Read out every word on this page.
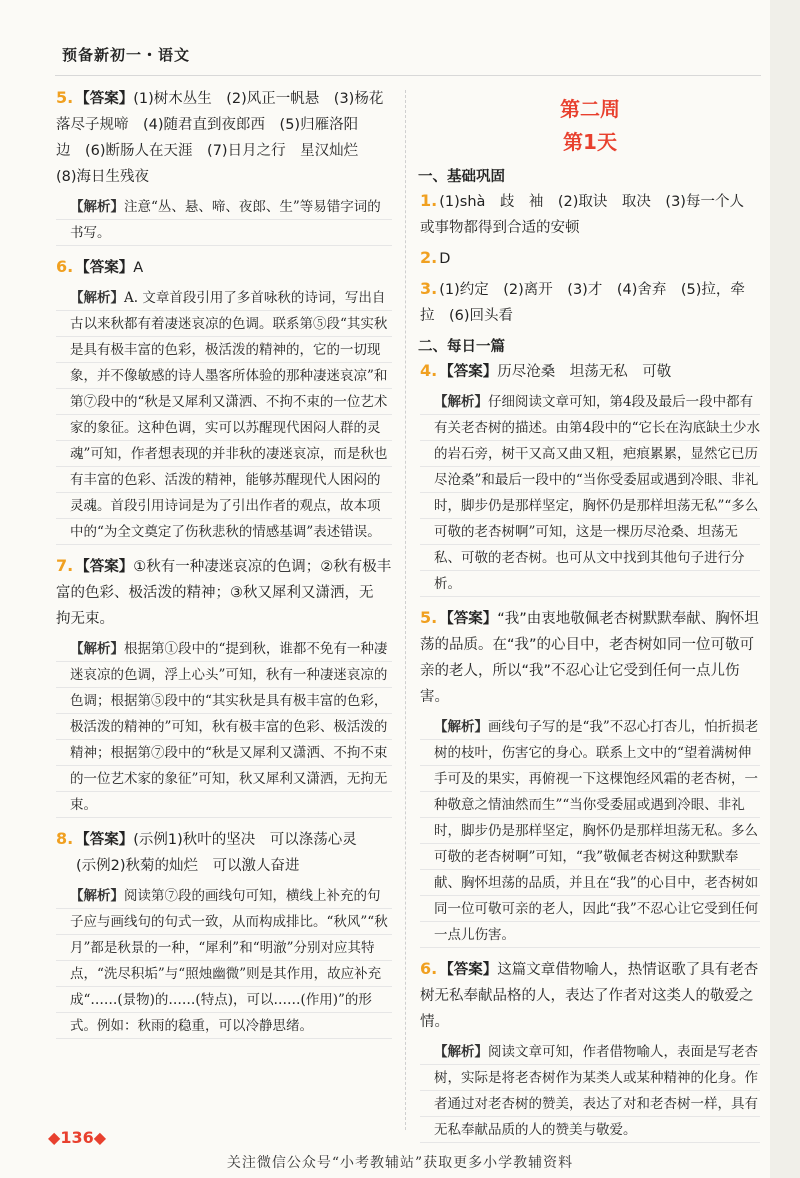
预备新初一・语文

5. 【答案】(1)树木丛生　(2)风正一帆悬　(3)杨花

落尽子规啼　(4)随君直到夜郎西　(5)归雁洛阳

边　(6)断肠人在天涯　(7)日月之行　星汉灿烂

(8)海日生残夜

【解析】注意“丛、悬、啼、夜郎、生”等易错字词的书写。

6. 【答案】A

【解析】A. 文章首段引用了多首咏秋的诗词，写出自古以来秋都有着凄迷哀凉的色调。联系第⑤段“其实秋是具有极丰富的色彩，极活泼的精神的，它的一切现象，并不像敏感的诗人墨客所体验的那种凄迷哀凉”和第⑦段中的“秋是又犀利又潇洒、不拘不束的一位艺术家的象征。这种色调，实可以苏醒现代困闷人群的灵魂”可知，作者想表现的并非秋的凄迷哀凉，而是秋也有丰富的色彩、活泼的精神，能够苏醒现代人困闷的灵魂。首段引用诗词是为了引出作者的观点，故本项中的“为全文奠定了伤秋悲秋的情感基调”表述错误。

7. 【答案】①秋有一种凄迷哀凉的色调；②秋有极丰

富的色彩、极活泼的精神；③秋又犀利又潇洒，无

拘无束。

【解析】根据第①段中的“提到秋，谁都不免有一种凄迷哀凉的色调，浮上心头”可知，秋有一种凄迷哀凉的色调；根据第⑤段中的“其实秋是具有极丰富的色彩，极活泼的精神的”可知，秋有极丰富的色彩、极活泼的精神；根据第⑦段中的“秋是又犀利又潇洒、不拘不束的一位艺术家的象征”可知，秋又犀利又潇洒，无拘无束。

8. 【答案】(示例1)秋叶的坚决　可以涤荡心灵

(示例2)秋菊的灿烂　可以激人奋进

【解析】阅读第⑦段的画线句可知，横线上补充的句子应与画线句的句式一致，从而构成排比。“秋风”“秋月”都是秋景的一种，“犀利”和“明澈”分别对应其特点，“洗尽积垢”与“照烛幽微”则是其作用，故应补充成“……(景物)的……(特点)，可以……(作用)”的形式。例如：秋雨的稳重，可以冷静思绪。
第二周
第1天
一、基础巩固

1. (1)shà　歧　袖　(2)取诀　取决　(3)每一个人

或事物都得到合适的安顿

2. D

3. (1)约定　(2)离开　(3)才　(4)舍弃　(5)拉，牵

拉　(6)回头看

二、每日一篇

4. 【答案】历尽沧桑　坦荡无私　可敬

【解析】仔细阅读文章可知，第4段及最后一段中都有有关老杏树的描述。由第4段中的“它长在沟底缺土少水的岩石旁，树干又高又曲又粗，疤痕累累，显然它已历尽沧桑”和最后一段中的“当你受委屈或遇到冷眼、非礼时，脚步仍是那样坚定，胸怀仍是那样坦荡无私”“多么可敬的老杏树啊”可知，这是一棵历尽沧桑、坦荡无私、可敬的老杏树。也可从文中找到其他句子进行分析。

5. 【答案】“我”由衷地敬佩老杏树默默奉献、胸怀坦荡的品质。在“我”的心目中，老杏树如同一位可敬可亲的老人，所以“我”不忍心让它受到任何一点儿伤害。

【解析】画线句子写的是“我”不忍心打杏儿，怕折损老树的枝叶，伤害它的身心。联系上文中的“望着满树伸手可及的果实，再俯视一下这棵饱经风霜的老杏树，一种敬意之情油然而生”“当你受委屈或遇到冷眼、非礼时，脚步仍是那样坚定，胸怀仍是那样坦荡无私。多么可敬的老杏树啊”可知，“我”敬佩老杏树这种默默奉献、胸怀坦荡的品质，并且在“我”的心目中，老杏树如同一位可敬可亲的老人，因此“我”不忍心让它受到任何一点儿伤害。

6. 【答案】这篇文章借物喻人，热情讴歌了具有老杏树无私奉献品格的人，表达了作者对这类人的敬爱之情。

【解析】阅读文章可知，作者借物喻人，表面是写老杏树，实际是将老杏树作为某类人或某种精神的化身。作者通过对老杏树的赞美，表达了对和老杏树一样，具有无私奉献品质的人的赞美与敬爱。
◆136◆
关注微信公众号“小考教辅站”获取更多小学教辅资料
